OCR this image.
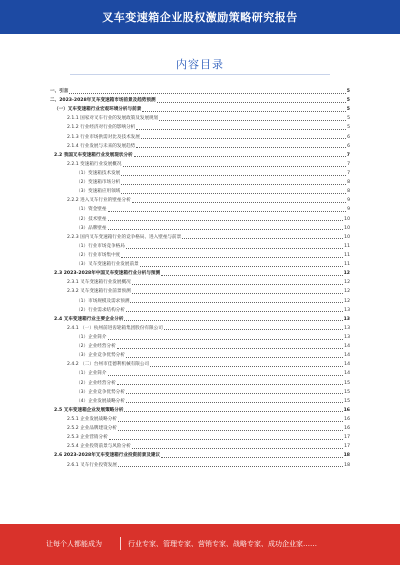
叉车变速箱企业股权激励策略研究报告
内容目录
一、引言	5
二、2023-2028年叉车变速箱市场前景及趋势预测	5
（一）叉车变速箱行业宏观环境分析与前景	5
2.1.1 国家对叉车行业的发展政策及发展规划	5
2.1.2 行业经济对行业的影响分析	5
2.1.3 行业市场供需对比及技术发展	6
2.1.4 行业发展与未来的发展趋势	6
2.2 我国叉车变速箱行业发展现状分析	7
2.2.1 变速箱行业发展概况	7
（1）变速箱技术发展	7
（2）变速箱市场分析	8
（3）变速箱应用领域	8
2.2.2 进入叉车行业的壁垒分析	9
（1）资金壁垒	9
（2）技术壁垒	10
（3）品牌壁垒	10
2.2.3 国内叉车变速箱行业的竞争格局、进入壁垒与前景	10
（1）行业市场竞争格局	11
（2）行业市场集中度	11
（3）叉车变速箱行业发展前景	11
2.3 2023-2028年中国叉车变速箱行业分析与预测	12
2.3.1 叉车变速箱行业发展概况	12
2.3.2 叉车变速箱行业前景预测	12
（1）市场规模及需求预测	12
（2）行业需求结构分析	13
2.4 叉车变速箱行业主要企业分析	13
2.4.1 （一）杭州前进齿轮箱集团股份有限公司	13
（1）企业简介	13
（2）企业经营分析	14
（3）企业竞争优势分析	14
2.4.2 （二）台州市佳德利机械有限公司	14
（1）企业简介	14
（2）企业经营分析	15
（3）企业竞争优势分析	15
（4）企业发展战略分析	15
2.5 叉车变速箱企业发展策略分析	16
2.5.1 企业发展战略分析	16
2.5.2 企业品牌建设分析	16
2.5.3 企业营销分析	17
2.5.4 企业投资前景与风险分析	17
2.6 2023-2028年叉车变速箱行业投资前景及建议	18
2.6.1 叉车行业投资发展	18
让每个人都能成为	行业专家、管理专家、营销专家、战略专家、成功企业家……
